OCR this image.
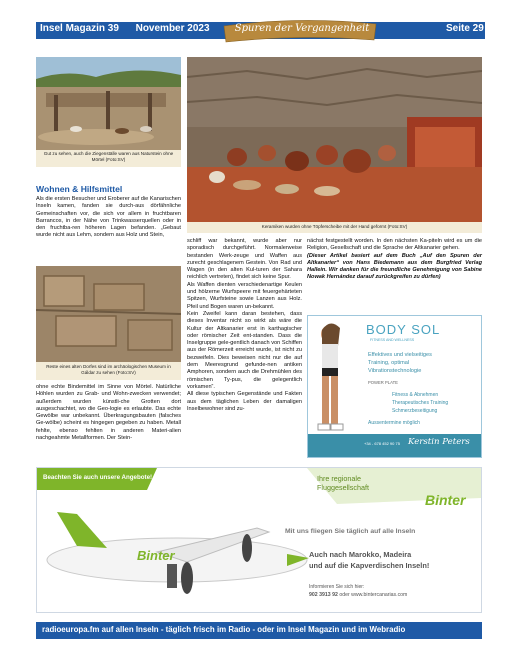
Insel Magazin 39 November 2023	Spuren der Vergangenheit	Seite 29
Gut zu sehen, auch die Ziegenställe waren aus Naturstein ohne Mörtel (Foto:SV)
Keramiken wurden ohne Töpferscheibe mit der Hand geformt (Foto:SV)
Wohnen & Hilfsmittel

Als die ersten Besucher und Eroberer auf die Kanarischen Inseln kamen, fanden sie durch-aus dörfähnliche Gemeinschaften vor, die sich vor allem in fruchtbaren Barrancos, in der Nähe von Trinkwasserquellen oder in den fruchtba-ren höheren Lagen befanden. „Gebaut wurde nicht aus Lehm, sondern aus Holz und Stein,

Reste eines alten Dorfes sind im archäologischen Museum in Gáldar zu sehen (Foto:SV)

ohne echte Bindemittel im Sinne von Mörtel. Natürliche Höhlen wurden zu Grab- und Wohn-zwecken verwendet; außerdem wurden künstli-che Grotten dort ausgeschachtet, wo die Geo-logie es erlaubte. Das echte Gewölbe war unbekannt. Überkragungsbauten (falsches Ge-wölbe) scheint es hingegen gegeben zu haben. Metall fehlte, ebenso fehlten in anderen Materi-alien nachgeahmte Metallformen. Der Stein-

schliff war bekannt, wurde aber nur sporadisch durchgeführt. Normalerweise bestanden Werk-zeuge und Waffen aus zurecht geschlagenem Gestein. Von Rad und Wagen (in den alten Kul-turen der Sahara reichlich vertreten), findet sich keine Spur.

Als Waffen dienten verschiedenartige Keulen und hölzerne Wurfspeere mit feuergehärteten Spitzen, Wurfsteine sowie Lanzen aus Holz. Pfeil und Bogen waren un-bekannt.

Kein Zweifel kann daran bestehen, dass dieses Inventar nicht so wirkt als wäre die Kultur der Altkanarier erst in karthagischer oder römischer Zeit ent-standen. Dass die Inselgruppe gele-gentlich danach von Schiffen aus der Römerzeit erreicht wurde, ist nicht zu bezweifeln. Dies beweisen nicht nur die auf dem Meeresgrund gefunde-nen antiken Amphoren, sondern auch die Drehmühlen des römischen Ty-pus, die gelegentlich vorkamen“.

All diese typischen Gegenstände und Fakten aus dem täglichen Leben der damaligen Inselbewohner sind zu-

nächst festgestellt worden. In den nächsten Ka-piteln wird es um die Religion, Gesellschaft und die Sprache der Altkanarier gehen.

(Dieser Artikel basiert auf dem Buch „Auf den Spuren der Altkanarier“ von Hans Biedemann aus dem Burgfried Verlag Hallein. Wir danken für die freundliche Genehmigung von Sabine Nowak Hernández darauf zurückgreifen zu dürfen)

BODY SOL
FITNESS AND WELLNESS
Effektives und vielseitiges
Training, optimal
Vibrationstechnologie
POWER PLATE
Fitness & Abnehmen
Therapeutisches Training
Schmerzbeseitigung
Aussentermine möglich
+34 - 678 452 90 75 Kerstin Peters
Beachten Sie auch unsere Angebote!	Ihre regionale
Fluggesellschaft
Binter
Binter
Mit uns fliegen Sie täglich auf alle Inseln
Auch nach Marokko, Madeira
und auf die Kapverdischen Inseln!
Informieren Sie sich hier:
902 3913 92 oder www.bintercanarias.com
radioeuropa.fm auf allen Inseln - täglich frisch im Radio - oder im Insel Magazin und im Webradio
